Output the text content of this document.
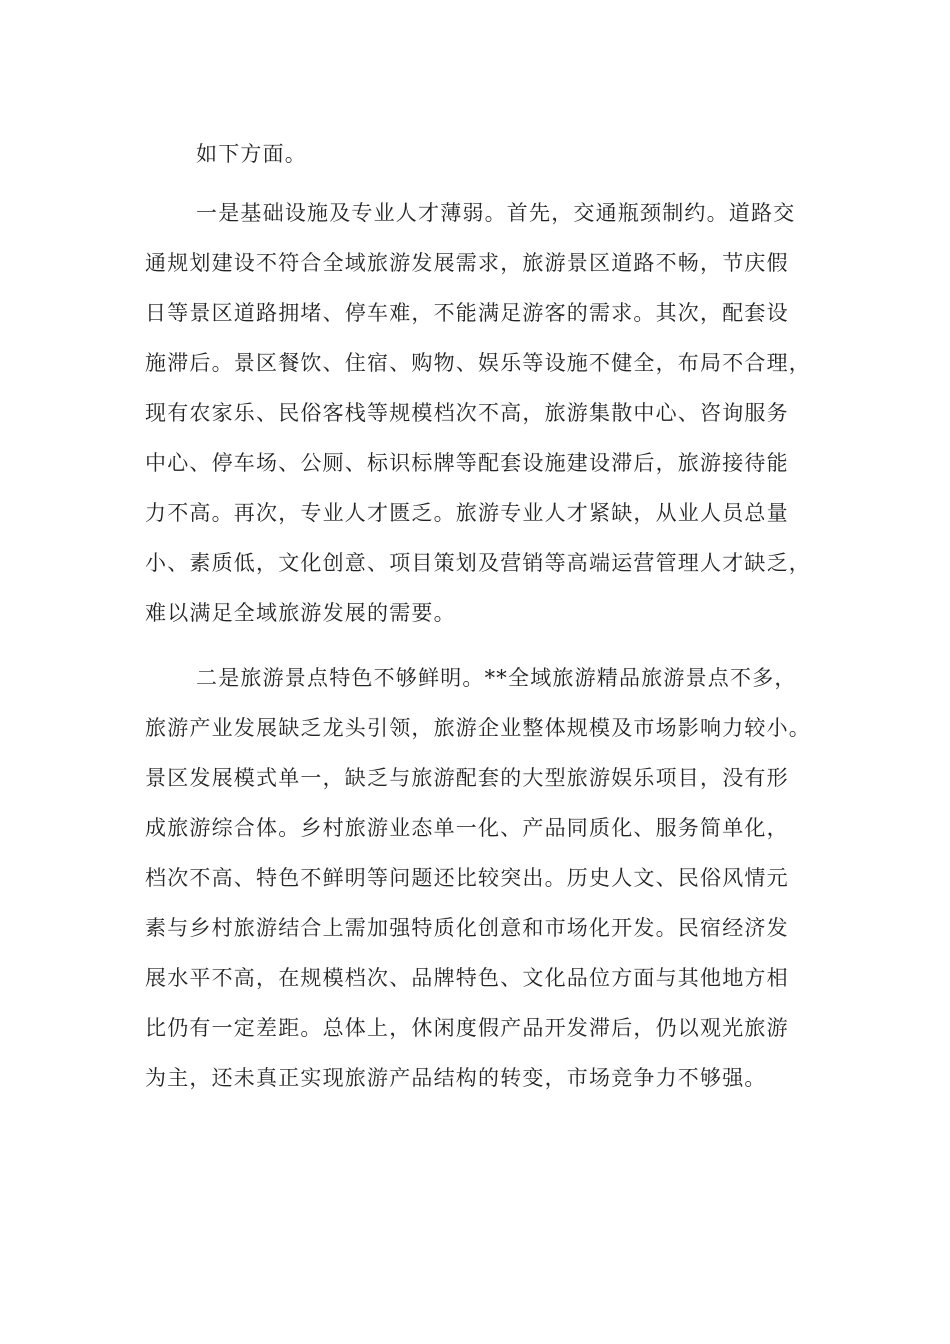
如下方面。
一是基础设施及专业人才薄弱。首先，交通瓶颈制约。道路交
通规划建设不符合全域旅游发展需求，旅游景区道路不畅，节庆假
日等景区道路拥堵、停车难，不能满足游客的需求。其次，配套设
施滞后。景区餐饮、住宿、购物、娱乐等设施不健全，布局不合理，
现有农家乐、民俗客栈等规模档次不高，旅游集散中心、咨询服务
中心、停车场、公厕、标识标牌等配套设施建设滞后，旅游接待能
力不高。再次，专业人才匮乏。旅游专业人才紧缺，从业人员总量
小、素质低，文化创意、项目策划及营销等高端运营管理人才缺乏，
难以满足全域旅游发展的需要。
二是旅游景点特色不够鲜明。**全域旅游精品旅游景点不多，
旅游产业发展缺乏龙头引领，旅游企业整体规模及市场影响力较小。
景区发展模式单一，缺乏与旅游配套的大型旅游娱乐项目，没有形
成旅游综合体。乡村旅游业态单一化、产品同质化、服务简单化，
档次不高、特色不鲜明等问题还比较突出。历史人文、民俗风情元
素与乡村旅游结合上需加强特质化创意和市场化开发。民宿经济发
展水平不高，在规模档次、品牌特色、文化品位方面与其他地方相
比仍有一定差距。总体上，休闲度假产品开发滞后，仍以观光旅游
为主，还未真正实现旅游产品结构的转变，市场竞争力不够强。
